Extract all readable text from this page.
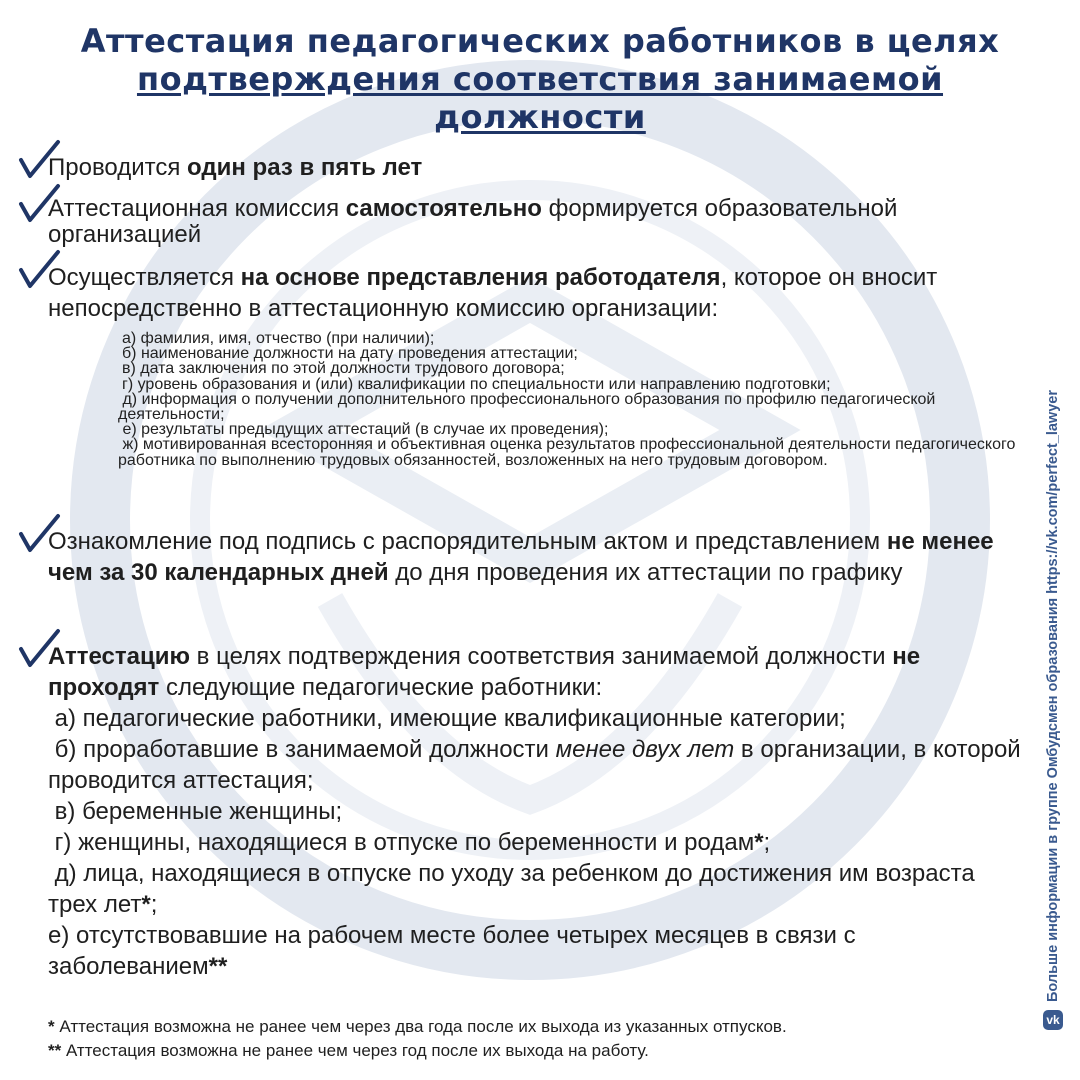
Аттестация педагогических работников в целях
подтверждения соответствия занимаемой
должности
Проводится один раз в пять лет
Аттестационная комиссия самостоятельно формируется образовательной организацией
Осуществляется на основе представления работодателя, которое он вносит непосредственно в аттестационную комиссию организации:
а) фамилия, имя, отчество (при наличии);
б) наименование должности на дату проведения аттестации;
в) дата заключения по этой должности трудового договора;
г) уровень образования и (или) квалификации по специальности или направлению подготовки;
д) информация о получении дополнительного профессионального образования по профилю педагогической деятельности;
е) результаты предыдущих аттестаций (в случае их проведения);
ж) мотивированная всесторонняя и объективная оценка результатов профессиональной деятельности педагогического работника по выполнению трудовых обязанностей, возложенных на него трудовым договором.
Ознакомление под подпись с распорядительным актом и представлением не менее чем за 30 календарных дней до дня проведения их аттестации по графику
Аттестацию в целях подтверждения соответствия занимаемой должности не проходят следующие педагогические работники:
а) педагогические работники, имеющие квалификационные категории;
б) проработавшие в занимаемой должности менее двух лет в организации, в которой проводится аттестация;
в) беременные женщины;
г) женщины, находящиеся в отпуске по беременности и родам*;
д) лица, находящиеся в отпуске по уходу за ребенком до достижения им возраста трех лет*;
е) отсутствовавшие на рабочем месте более четырех месяцев в связи с заболеванием**
* Аттестация возможна не ранее чем через два года после их выхода из указанных отпусков.
** Аттестация возможна не ранее чем через год после их выхода на работу.
vk
Больше информации в группе Омбудсмен образования https://vk.com/perfect_lawyer
